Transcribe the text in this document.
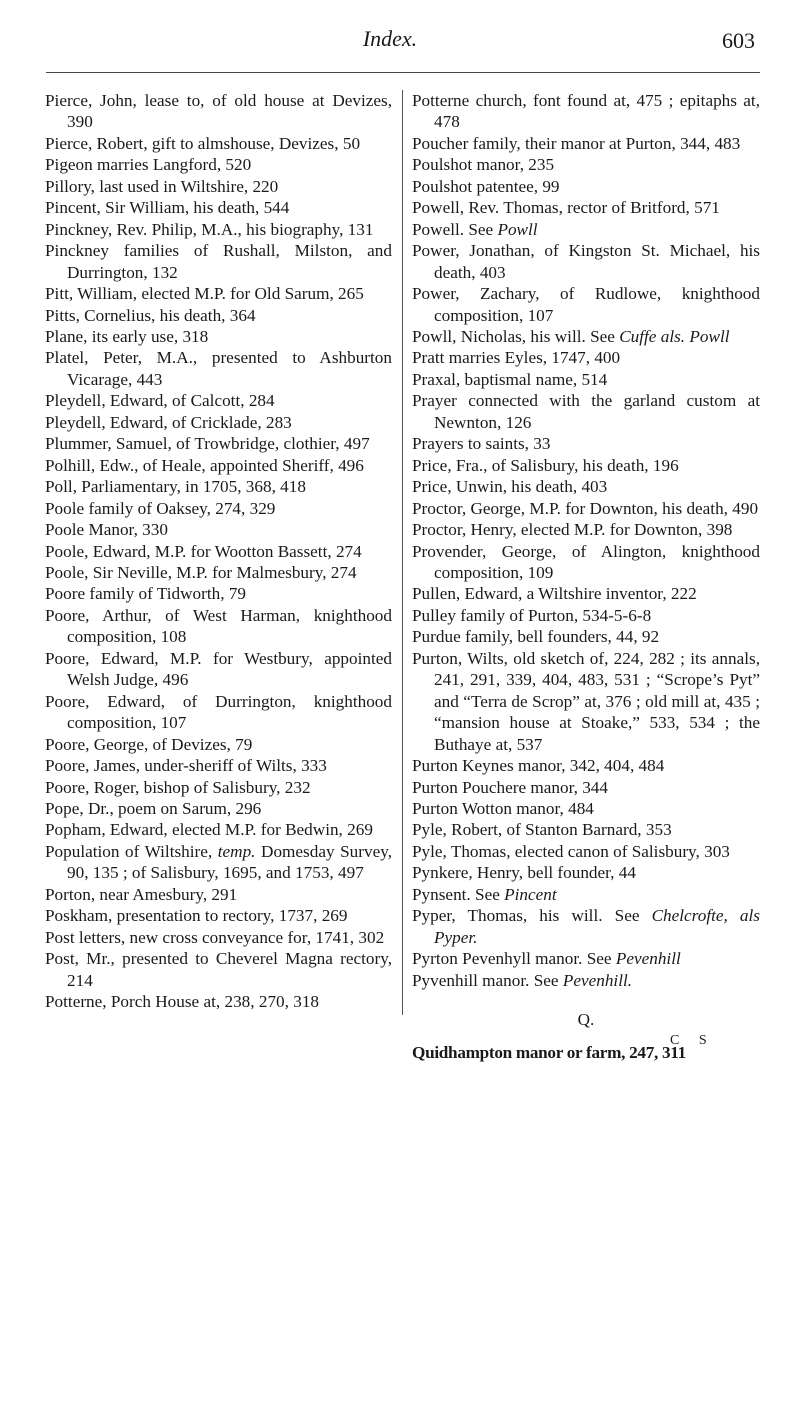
Index.	603
Pierce, John, lease to, of old house at Devizes, 390
Pierce, Robert, gift to almshouse, Devizes, 50
Pigeon marries Langford, 520
Pillory, last used in Wiltshire, 220
Pincent, Sir William, his death, 544
Pinckney, Rev. Philip, M.A., his biography, 131
Pinckney families of Rushall, Milston, and Durrington, 132
Pitt, William, elected M.P. for Old Sarum, 265
Pitts, Cornelius, his death, 364
Plane, its early use, 318
Platel, Peter, M.A., presented to Ashburton Vicarage, 443
Pleydell, Edward, of Calcott, 284
Pleydell, Edward, of Cricklade, 283
Plummer, Samuel, of Trowbridge, clothier, 497
Polhill, Edw., of Heale, appointed Sheriff, 496
Poll, Parliamentary, in 1705, 368, 418
Poole family of Oaksey, 274, 329
Poole Manor, 330
Poole, Edward, M.P. for Wootton Bassett, 274
Poole, Sir Neville, M.P. for Malmesbury, 274
Poore family of Tidworth, 79
Poore, Arthur, of West Harman, knighthood composition, 108
Poore, Edward, M.P. for Westbury, appointed Welsh Judge, 496
Poore, Edward, of Durrington, knighthood composition, 107
Poore, George, of Devizes, 79
Poore, James, under-sheriff of Wilts, 333
Poore, Roger, bishop of Salisbury, 232
Pope, Dr., poem on Sarum, 296
Popham, Edward, elected M.P. for Bedwin, 269
Population of Wiltshire, temp. Domesday Survey, 90, 135 ; of Salisbury, 1695, and 1753, 497
Porton, near Amesbury, 291
Poskham, presentation to rectory, 1737, 269
Post letters, new cross conveyance for, 1741, 302
Post, Mr., presented to Cheverel Magna rectory, 214
Potterne, Porch House at, 238, 270, 318
Potterne church, font found at, 475 ; epitaphs at, 478
Poucher family, their manor at Purton, 344, 483
Poulshot manor, 235
Poulshot patentee, 99
Powell, Rev. Thomas, rector of Britford, 571
Powell. See Powll
Power, Jonathan, of Kingston St. Michael, his death, 403
Power, Zachary, of Rudlowe, knighthood composition, 107
Powll, Nicholas, his will. See Cuffe als. Powll
Pratt marries Eyles, 1747, 400
Praxal, baptismal name, 514
Prayer connected with the garland custom at Newnton, 126
Prayers to saints, 33
Price, Fra., of Salisbury, his death, 196
Price, Unwin, his death, 403
Proctor, George, M.P. for Downton, his death, 490
Proctor, Henry, elected M.P. for Downton, 398
Provender, George, of Alington, knighthood composition, 109
Pullen, Edward, a Wiltshire inventor, 222
Pulley family of Purton, 534-5-6-8
Purdue family, bell founders, 44, 92
Purton, Wilts, old sketch of, 224, 282 ; its annals, 241, 291, 339, 404, 483, 531 ; “Scrope’s Pyt” and “Terra de Scrop” at, 376 ; old mill at, 435 ; “mansion house at Stoake,” 533, 534 ; the Buthaye at, 537
Purton Keynes manor, 342, 404, 484
Purton Pouchere manor, 344
Purton Wotton manor, 484
Pyle, Robert, of Stanton Barnard, 353
Pyle, Thomas, elected canon of Salisbury, 303
Pynkere, Henry, bell founder, 44
Pynsent. See Pincent
Pyper, Thomas, his will. See Chelcrofte, als Pyper.
Pyrton Pevenhyll manor. See Pevenhill
Pyvenhill manor. See Pevenhill.
Q.
Quidhampton manor or farm, 247, 311
C S
